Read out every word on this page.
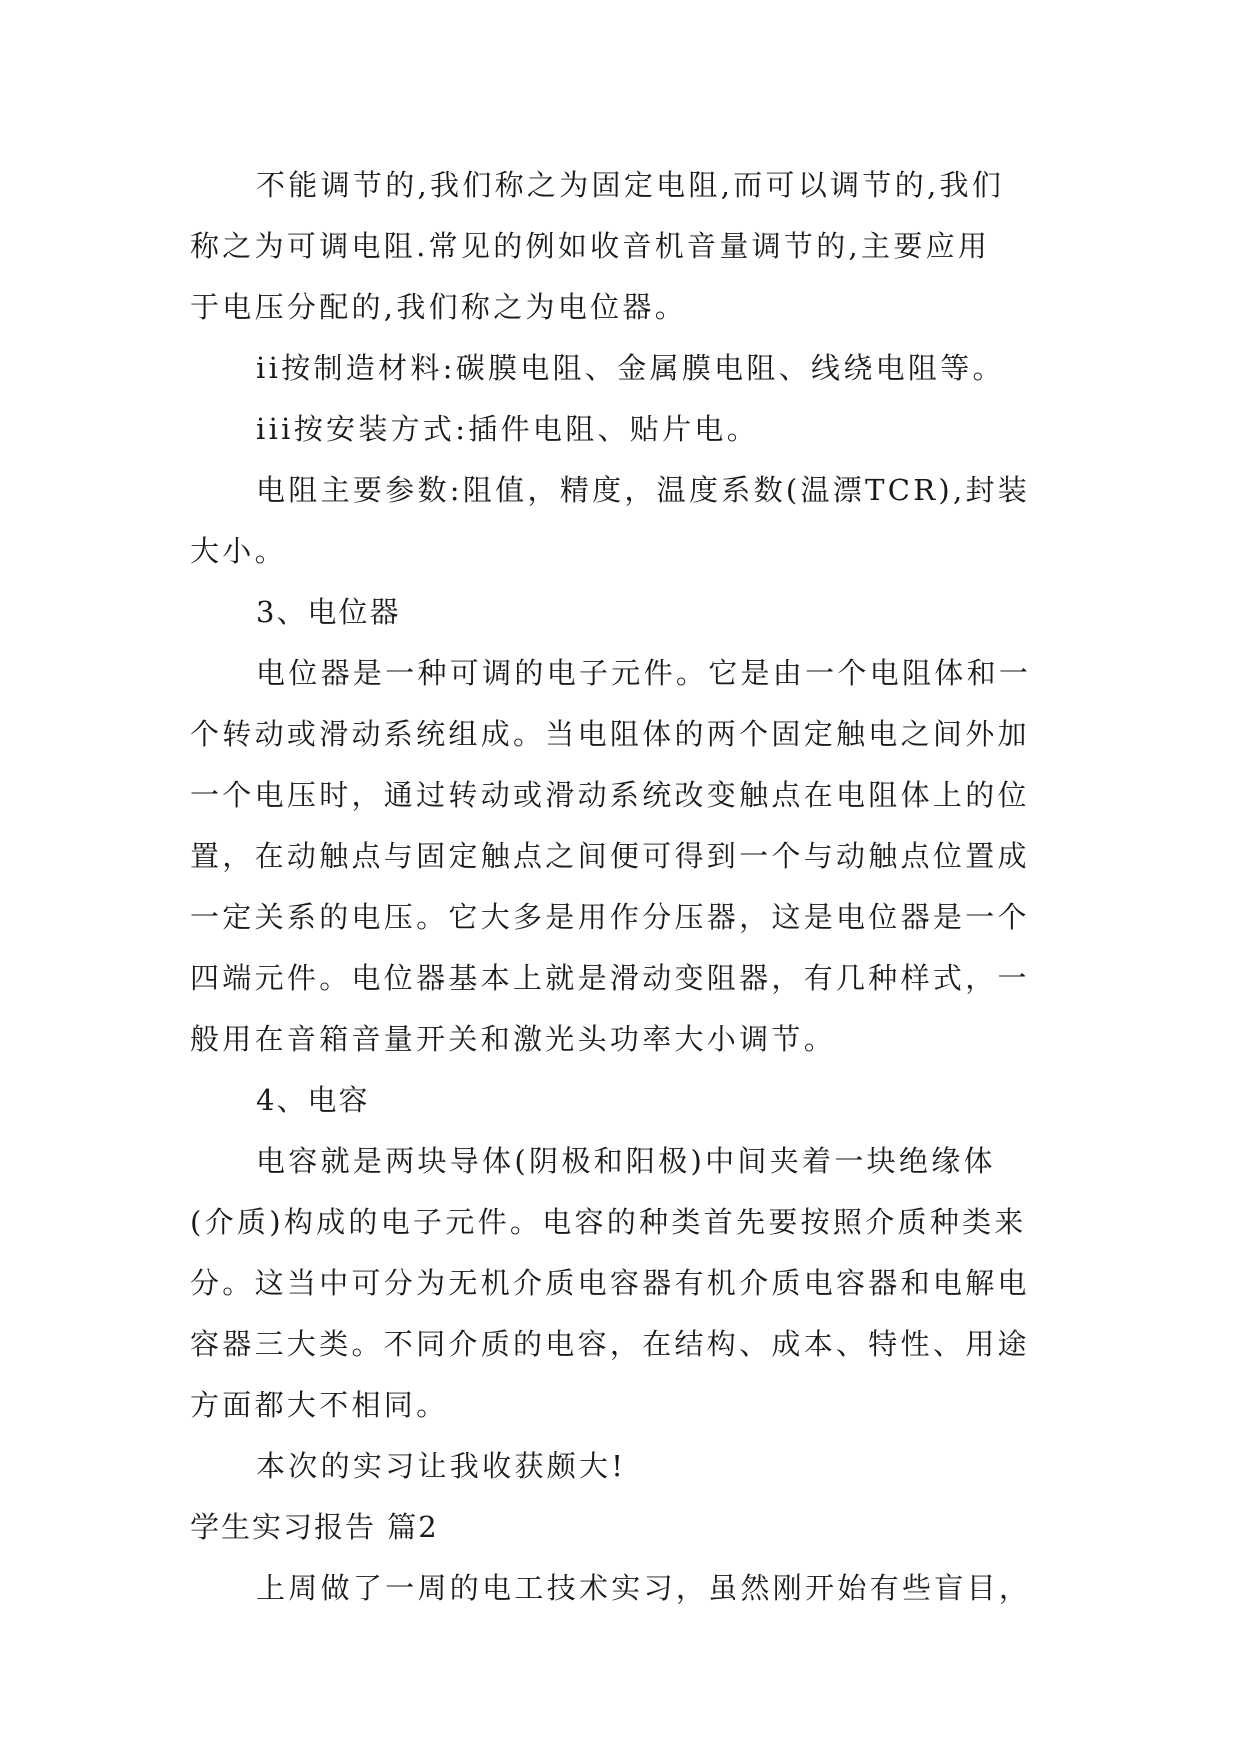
不能调节的,我们称之为固定电阻,而可以调节的,我们
称之为可调电阻.常见的例如收音机音量调节的,主要应用
于电压分配的,我们称之为电位器。
ii按制造材料:碳膜电阻、金属膜电阻、线绕电阻等。
iii按安装方式:插件电阻、贴片电。
电阻主要参数:阻值，精度，温度系数(温漂TCR),封装
大小。
3、电位器
电位器是一种可调的电子元件。它是由一个电阻体和一
个转动或滑动系统组成。当电阻体的两个固定触电之间外加
一个电压时，通过转动或滑动系统改变触点在电阻体上的位
置，在动触点与固定触点之间便可得到一个与动触点位置成
一定关系的电压。它大多是用作分压器，这是电位器是一个
四端元件。电位器基本上就是滑动变阻器，有几种样式，一
般用在音箱音量开关和激光头功率大小调节。
4、电容
电容就是两块导体(阴极和阳极)中间夹着一块绝缘体
(介质)构成的电子元件。电容的种类首先要按照介质种类来
分。这当中可分为无机介质电容器有机介质电容器和电解电
容器三大类。不同介质的电容，在结构、成本、特性、用途
方面都大不相同。
本次的实习让我收获颇大!
学生实习报告 篇2
上周做了一周的电工技术实习，虽然刚开始有些盲目，
